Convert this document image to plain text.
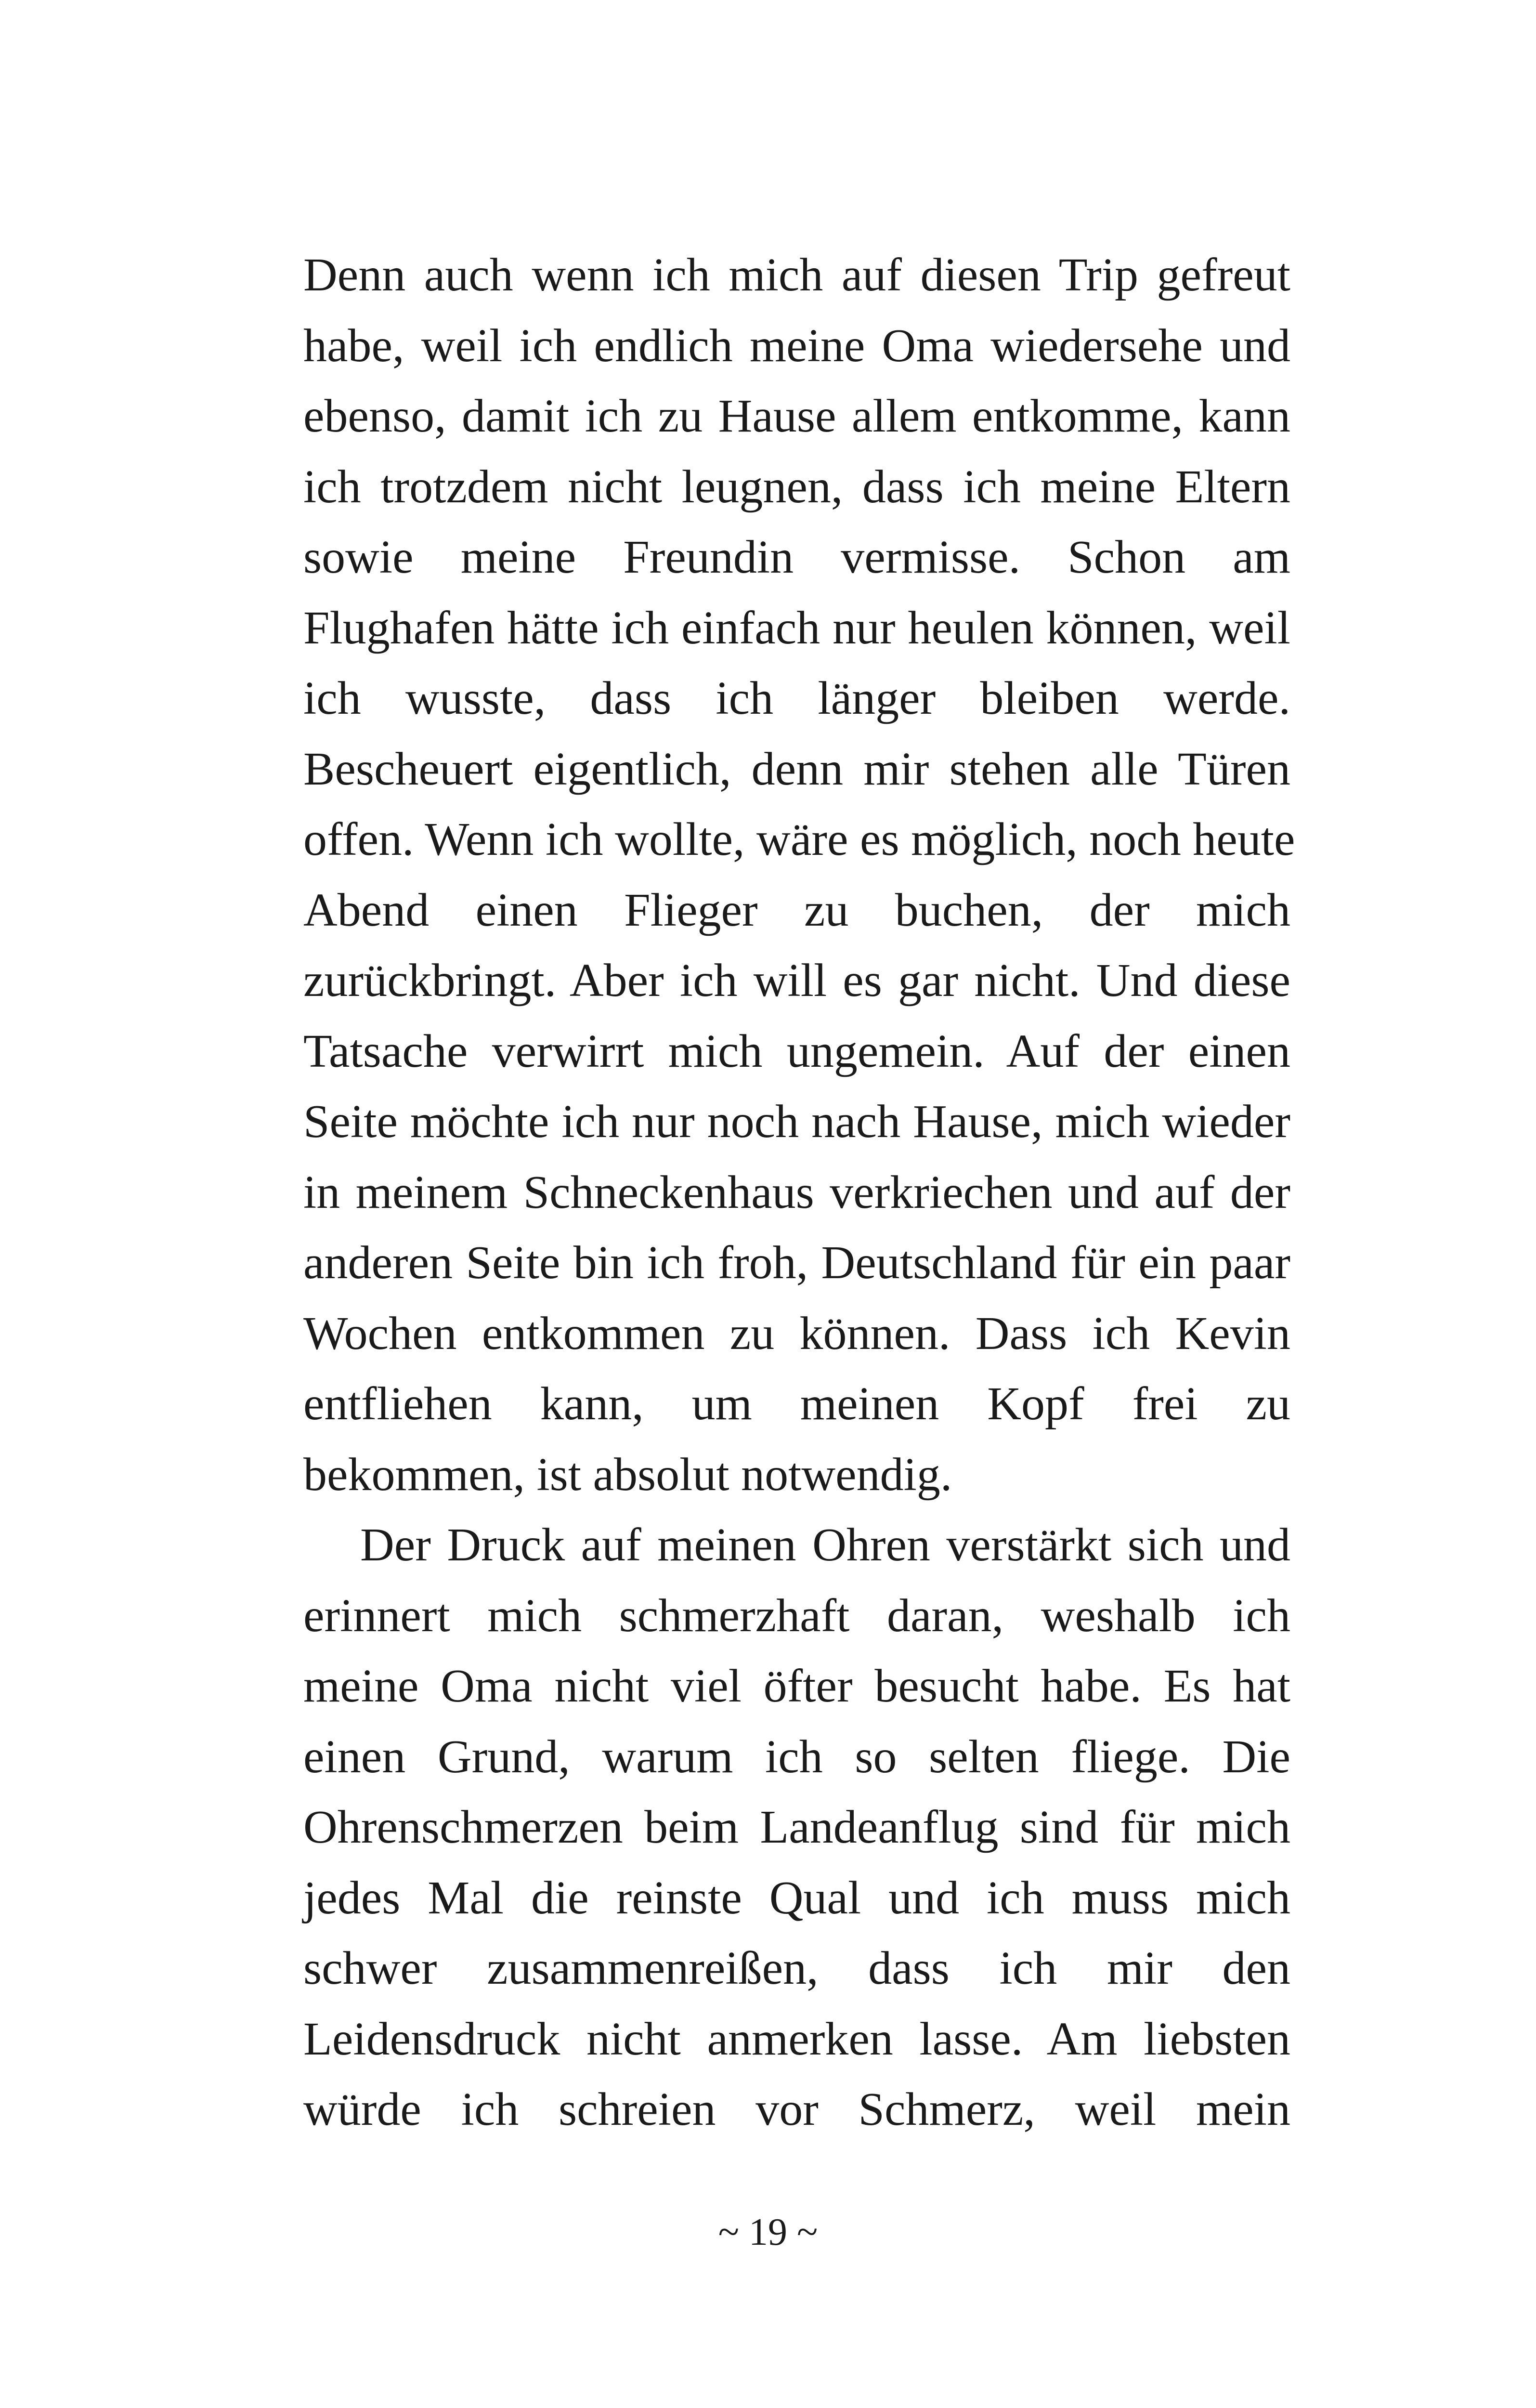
Denn auch wenn ich mich auf diesen Trip gefreut
habe, weil ich endlich meine Oma wiedersehe und
ebenso, damit ich zu Hause allem entkomme, kann
ich trotzdem nicht leugnen, dass ich meine Eltern
sowie meine Freundin vermisse. Schon am
Flughafen hätte ich einfach nur heulen können, weil
ich wusste, dass ich länger bleiben werde.
Bescheuert eigentlich, denn mir stehen alle Türen
offen. Wenn ich wollte, wäre es möglich, noch heute
Abend einen Flieger zu buchen, der mich
zurückbringt. Aber ich will es gar nicht. Und diese
Tatsache verwirrt mich ungemein. Auf der einen
Seite möchte ich nur noch nach Hause, mich wieder
in meinem Schneckenhaus verkriechen und auf der
anderen Seite bin ich froh, Deutschland für ein paar
Wochen entkommen zu können. Dass ich Kevin
entfliehen kann, um meinen Kopf frei zu
bekommen, ist absolut notwendig.
Der Druck auf meinen Ohren verstärkt sich und
erinnert mich schmerzhaft daran, weshalb ich
meine Oma nicht viel öfter besucht habe. Es hat
einen Grund, warum ich so selten fliege. Die
Ohrenschmerzen beim Landeanflug sind für mich
jedes Mal die reinste Qual und ich muss mich
schwer zusammenreißen, dass ich mir den
Leidensdruck nicht anmerken lasse. Am liebsten
würde ich schreien vor Schmerz, weil mein
~ 19 ~
